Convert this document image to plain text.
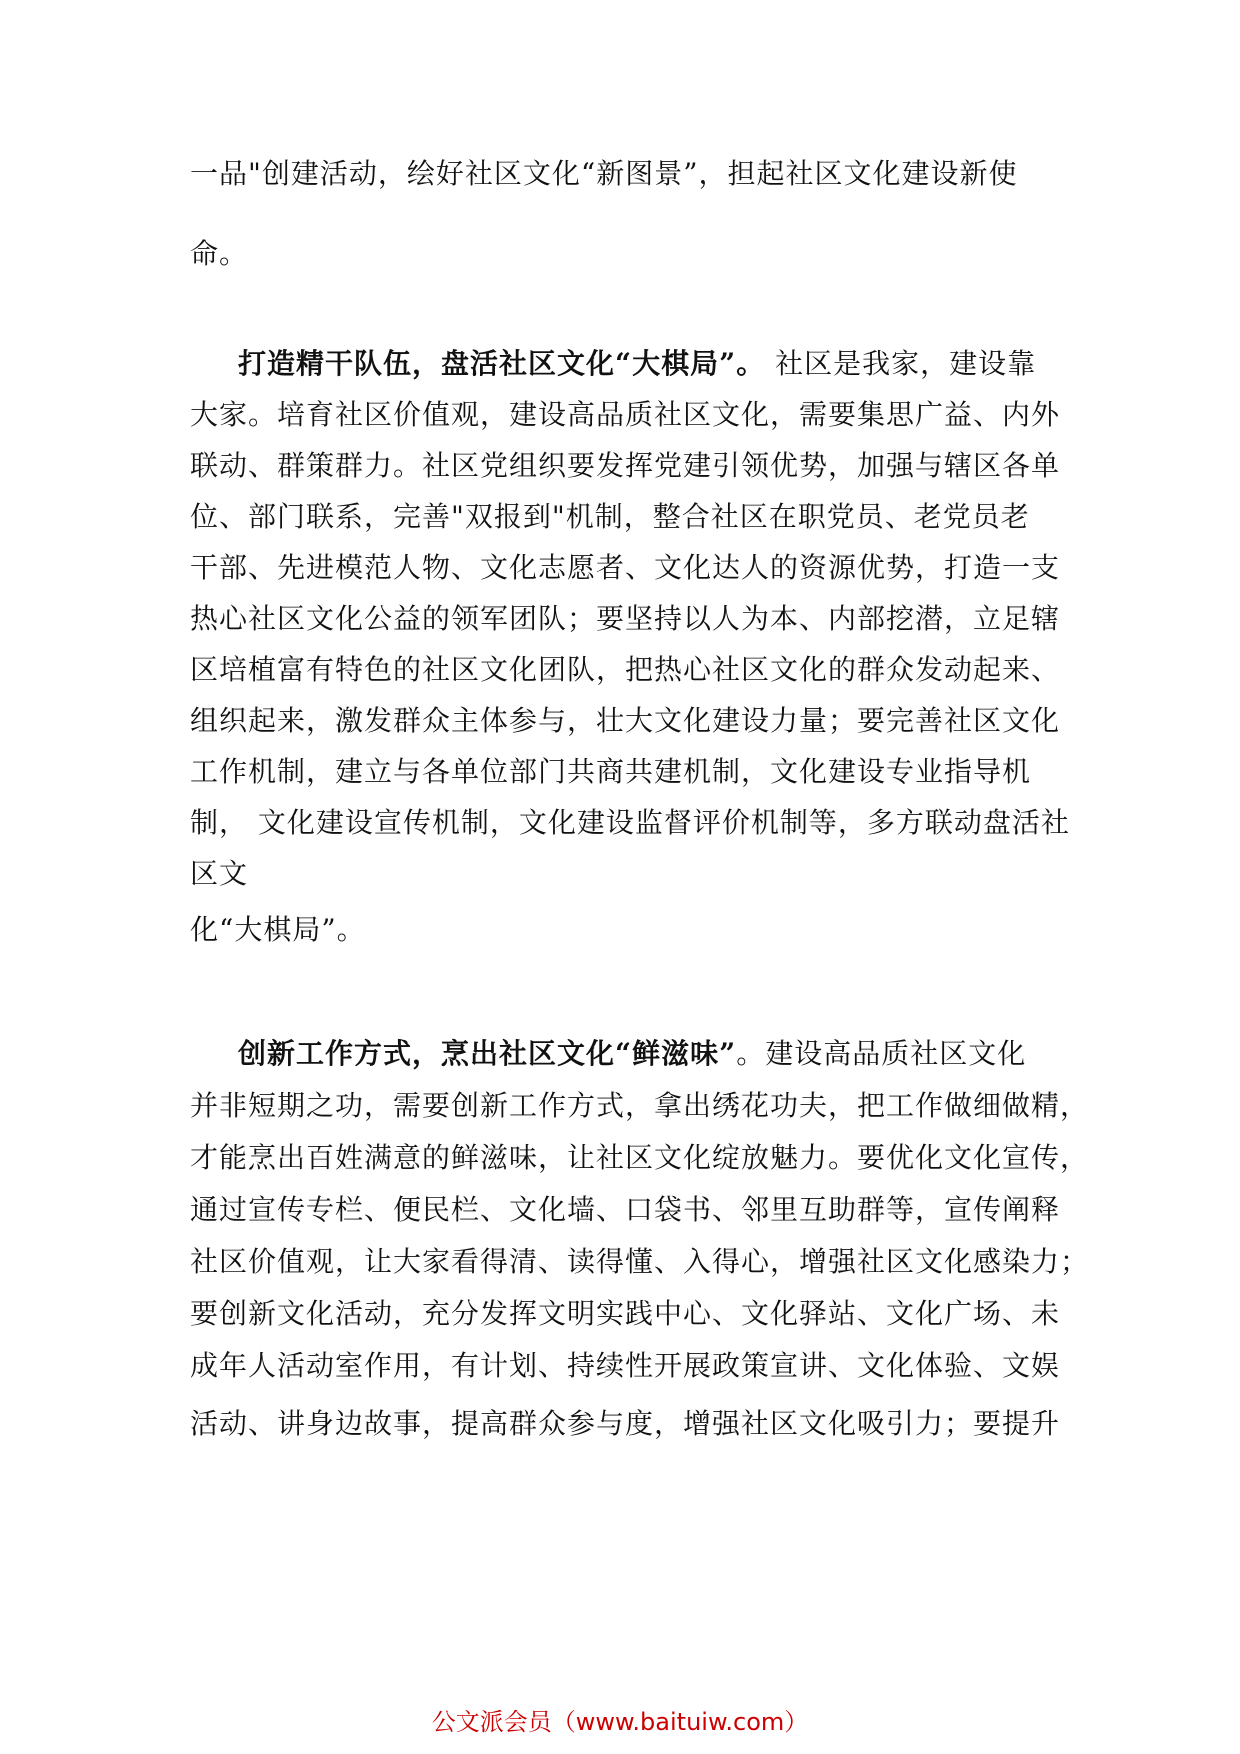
一品"创建活动，绘好社区文化“新图景”，担起社区文化建设新使
命。
打造精干队伍，盘活社区文化“大棋局”。 社区是我家，建设靠
大家。培育社区价值观，建设高品质社区文化，需要集思广益、内外
联动、群策群力。社区党组织要发挥党建引领优势，加强与辖区各单
位、部门联系，完善"双报到"机制，整合社区在职党员、老党员老
干部、先进模范人物、文化志愿者、文化达人的资源优势，打造一支
热心社区文化公益的领军团队；要坚持以人为本、内部挖潜，立足辖
区培植富有特色的社区文化团队，把热心社区文化的群众发动起来、
组织起来，激发群众主体参与，壮大文化建设力量；要完善社区文化
工作机制，建立与各单位部门共商共建机制，文化建设专业指导机
制， 文化建设宣传机制，文化建设监督评价机制等，多方联动盘活社
区文
化“大棋局”。
创新工作方式，烹出社区文化“鲜滋味”。建设高品质社区文化
并非短期之功，需要创新工作方式，拿出绣花功夫，把工作做细做精，
才能烹出百姓满意的鲜滋味，让社区文化绽放魅力。要优化文化宣传，
通过宣传专栏、便民栏、文化墙、口袋书、邻里互助群等，宣传阐释
社区价值观，让大家看得清、读得懂、入得心，增强社区文化感染力；
要创新文化活动，充分发挥文明实践中心、文化驿站、文化广场、未
成年人活动室作用，有计划、持续性开展政策宣讲、文化体验、文娱
活动、讲身边故事，提高群众参与度，增强社区文化吸引力；要提升
公文派会员（www.baituiw.com）
